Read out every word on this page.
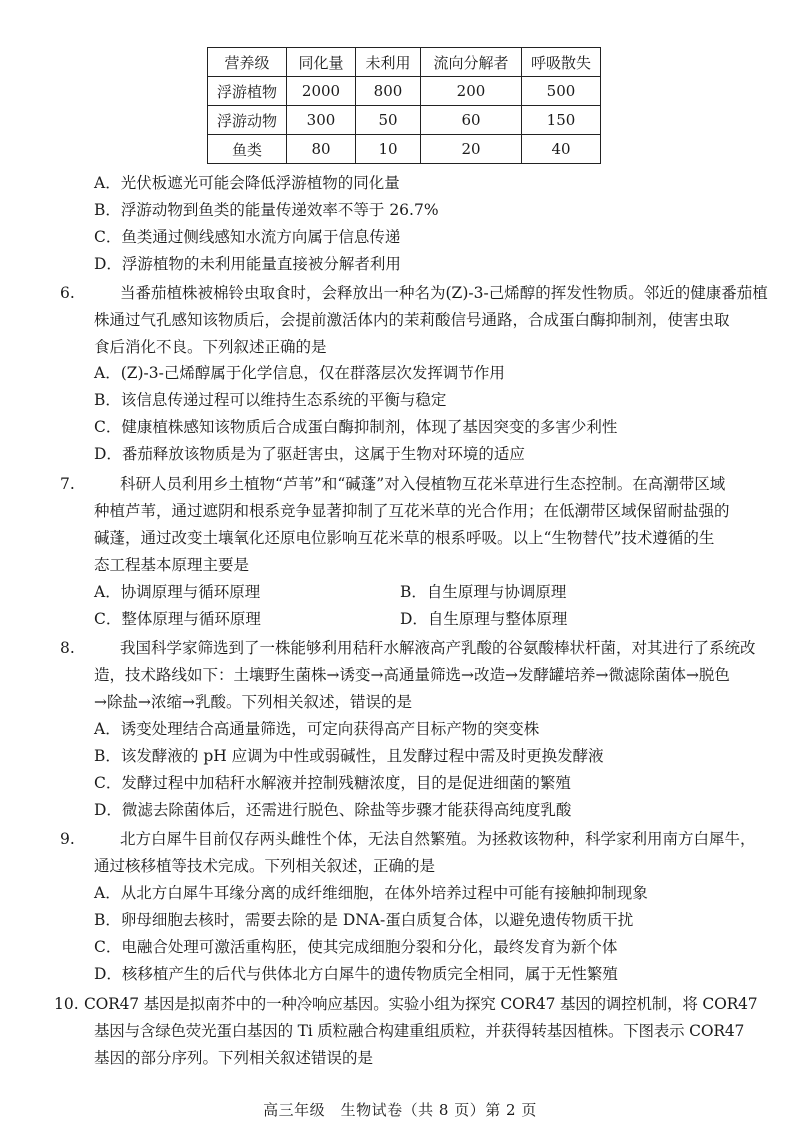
营养级	同化量	未利用	流向分解者	呼吸散失
浮游植物	2000	800	200	500
浮游动物	300	50	60	150
鱼类	80	10	20	40
A．光伏板遮光可能会降低浮游植物的同化量
B．浮游动物到鱼类的能量传递效率不等于 26.7%
C．鱼类通过侧线感知水流方向属于信息传递
D．浮游植物的未利用能量直接被分解者利用
6.	当番茄植株被棉铃虫取食时，会释放出一种名为(Z)-3-己烯醇的挥发性物质。邻近的健康番茄植
株通过气孔感知该物质后，会提前激活体内的茉莉酸信号通路，合成蛋白酶抑制剂，使害虫取
食后消化不良。下列叙述正确的是
A．(Z)-3-己烯醇属于化学信息，仅在群落层次发挥调节作用
B．该信息传递过程可以维持生态系统的平衡与稳定
C．健康植株感知该物质后合成蛋白酶抑制剂，体现了基因突变的多害少利性
D．番茄释放该物质是为了驱赶害虫，这属于生物对环境的适应
7.	科研人员利用乡土植物“芦苇”和“碱蓬”对入侵植物互花米草进行生态控制。在高潮带区域
种植芦苇，通过遮阴和根系竞争显著抑制了互花米草的光合作用；在低潮带区域保留耐盐强的
碱蓬，通过改变土壤氧化还原电位影响互花米草的根系呼吸。以上“生物替代”技术遵循的生
态工程基本原理主要是
A．协调原理与循环原理	B．自生原理与协调原理
C．整体原理与循环原理	D．自生原理与整体原理
8.	我国科学家筛选到了一株能够利用秸秆水解液高产乳酸的谷氨酸棒状杆菌，对其进行了系统改
造，技术路线如下：土壤野生菌株→诱变→高通量筛选→改造→发酵罐培养→微滤除菌体→脱色
→除盐→浓缩→乳酸。下列相关叙述，错误的是
A．诱变处理结合高通量筛选，可定向获得高产目标产物的突变株
B．该发酵液的 pH 应调为中性或弱碱性，且发酵过程中需及时更换发酵液
C．发酵过程中加秸秆水解液并控制残糖浓度，目的是促进细菌的繁殖
D．微滤去除菌体后，还需进行脱色、除盐等步骤才能获得高纯度乳酸
9.	北方白犀牛目前仅存两头雌性个体，无法自然繁殖。为拯救该物种，科学家利用南方白犀牛，
通过核移植等技术完成。下列相关叙述，正确的是
A．从北方白犀牛耳缘分离的成纤维细胞，在体外培养过程中可能有接触抑制现象
B．卵母细胞去核时，需要去除的是 DNA-蛋白质复合体，以避免遗传物质干扰
C．电融合处理可激活重构胚，使其完成细胞分裂和分化，最终发育为新个体
D．核移植产生的后代与供体北方白犀牛的遗传物质完全相同，属于无性繁殖
10. COR47 基因是拟南芥中的一种冷响应基因。实验小组为探究 COR47 基因的调控机制，将 COR47
基因与含绿色荧光蛋白基因的 Ti 质粒融合构建重组质粒，并获得转基因植株。下图表示 COR47
基因的部分序列。下列相关叙述错误的是
高三年级　生物试卷（共 8 页）第 2 页
